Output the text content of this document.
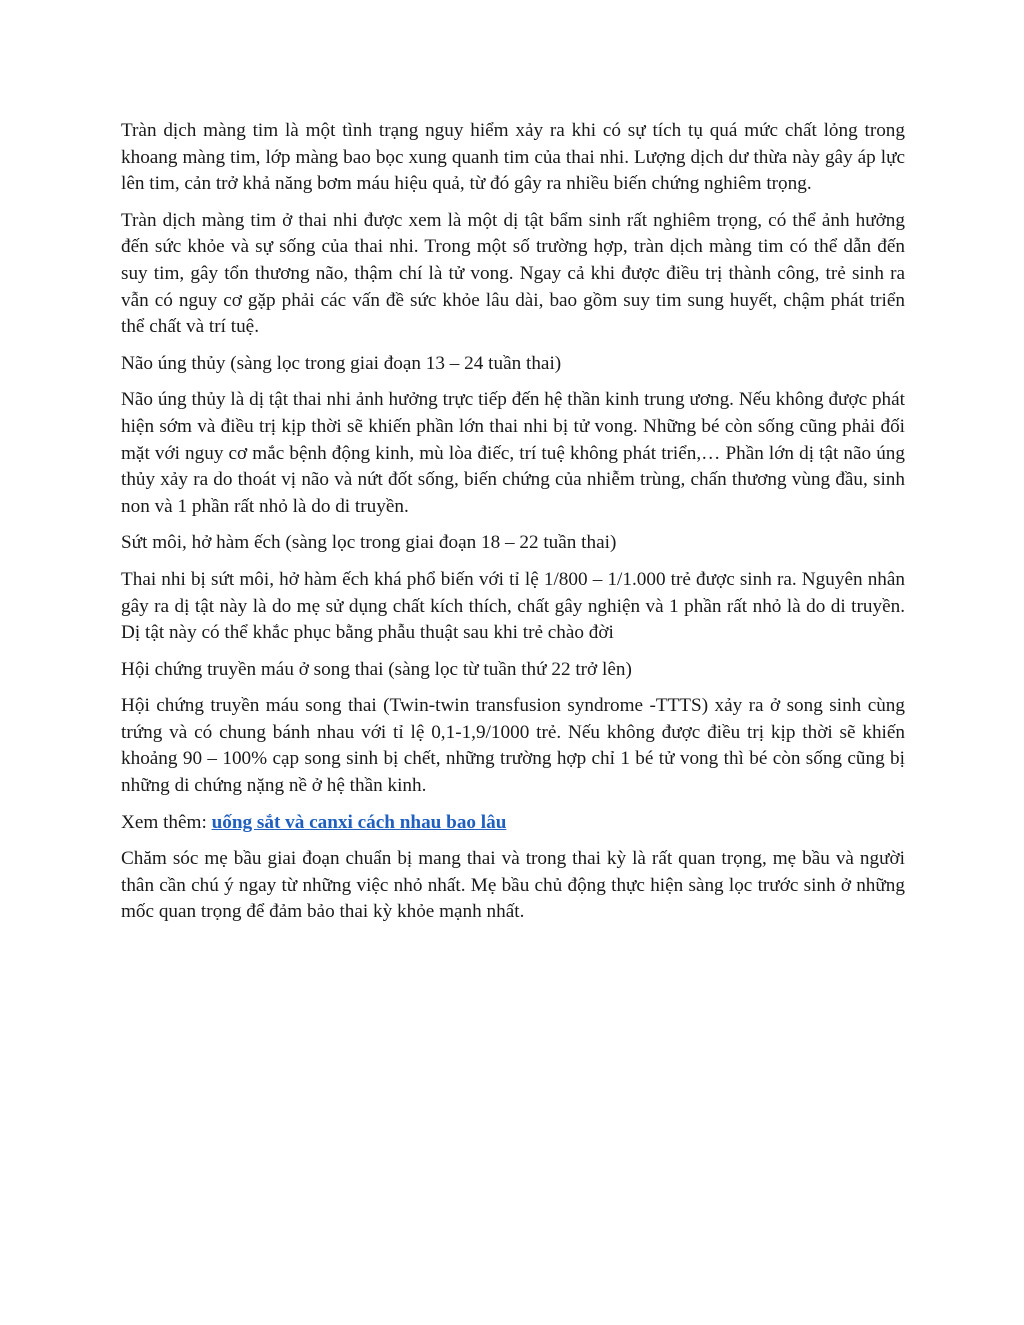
Tràn dịch màng tim là một tình trạng nguy hiểm xảy ra khi có sự tích tụ quá mức chất lỏng trong khoang màng tim, lớp màng bao bọc xung quanh tim của thai nhi. Lượng dịch dư thừa này gây áp lực lên tim, cản trở khả năng bơm máu hiệu quả, từ đó gây ra nhiều biến chứng nghiêm trọng.

Tràn dịch màng tim ở thai nhi được xem là một dị tật bẩm sinh rất nghiêm trọng, có thể ảnh hưởng đến sức khỏe và sự sống của thai nhi. Trong một số trường hợp, tràn dịch màng tim có thể dẫn đến suy tim, gây tổn thương não, thậm chí là tử vong. Ngay cả khi được điều trị thành công, trẻ sinh ra vẫn có nguy cơ gặp phải các vấn đề sức khỏe lâu dài, bao gồm suy tim sung huyết, chậm phát triển thể chất và trí tuệ.

Não úng thủy (sàng lọc trong giai đoạn 13 – 24 tuần thai)

Não úng thủy là dị tật thai nhi ảnh hưởng trực tiếp đến hệ thần kinh trung ương. Nếu không được phát hiện sớm và điều trị kịp thời sẽ khiến phần lớn thai nhi bị tử vong. Những bé còn sống cũng phải đối mặt với nguy cơ mắc bệnh động kinh, mù lòa điếc, trí tuệ không phát triển,… Phần lớn dị tật não úng thủy xảy ra do thoát vị não và nứt đốt sống, biến chứng của nhiễm trùng, chấn thương vùng đầu, sinh non và 1 phần rất nhỏ là do di truyền.

Sứt môi, hở hàm ếch (sàng lọc trong giai đoạn 18 – 22 tuần thai)

Thai nhi bị sứt môi, hở hàm ếch khá phổ biến với tỉ lệ 1/800 – 1/1.000 trẻ được sinh ra. Nguyên nhân gây ra dị tật này là do mẹ sử dụng chất kích thích, chất gây nghiện và 1 phần rất nhỏ là do di truyền. Dị tật này có thể khắc phục bằng phẫu thuật sau khi trẻ chào đời

Hội chứng truyền máu ở song thai (sàng lọc từ tuần thứ 22 trở lên)

Hội chứng truyền máu song thai (Twin-twin transfusion syndrome -TTTS) xảy ra ở song sinh cùng trứng và có chung bánh nhau với tỉ lệ 0,1-1,9/1000 trẻ. Nếu không được điều trị kịp thời sẽ khiến khoảng 90 – 100% cạp song sinh bị chết, những trường hợp chỉ 1 bé tử vong thì bé còn sống cũng bị những di chứng nặng nề ở hệ thần kinh.

Xem thêm: uống sắt và canxi cách nhau bao lâu

Chăm sóc mẹ bầu giai đoạn chuẩn bị mang thai và trong thai kỳ là rất quan trọng, mẹ bầu và người thân cần chú ý ngay từ những việc nhỏ nhất. Mẹ bầu chủ động thực hiện sàng lọc trước sinh ở những mốc quan trọng để đảm bảo thai kỳ khỏe mạnh nhất.
